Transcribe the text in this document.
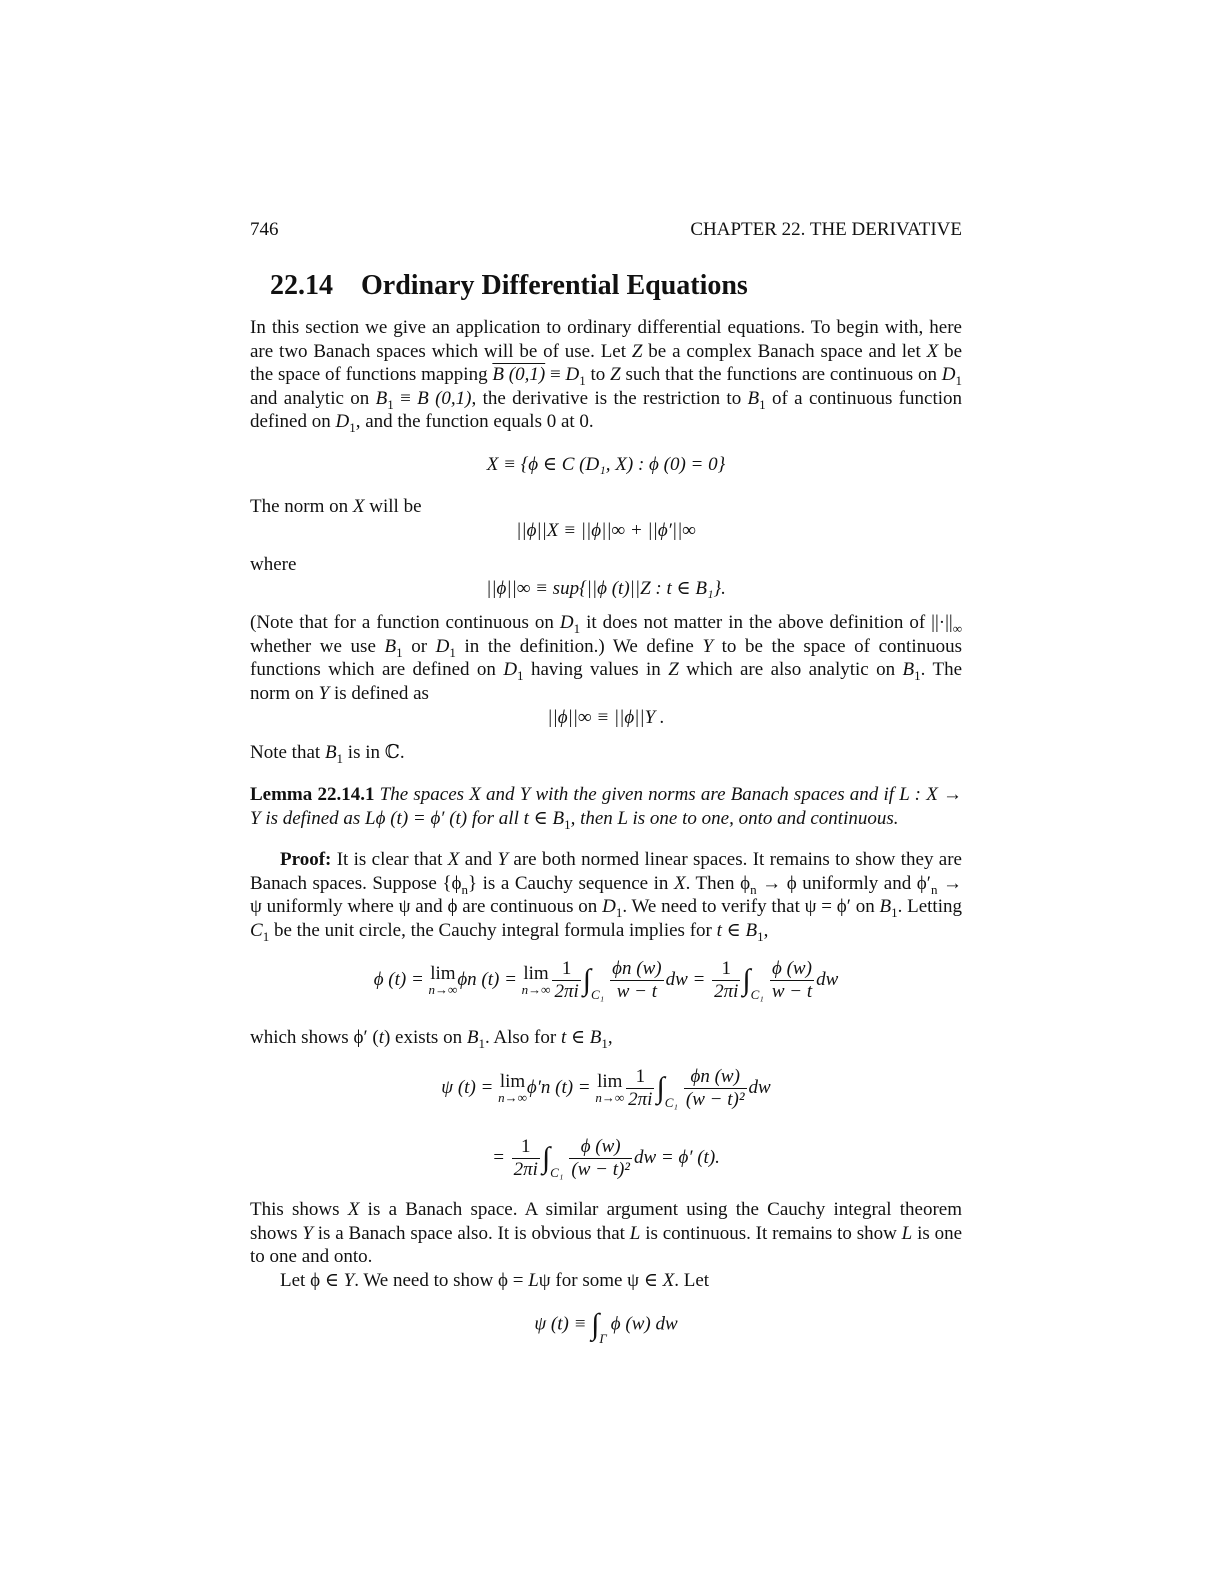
746	CHAPTER 22. THE DERIVATIVE
22.14 Ordinary Differential Equations
In this section we give an application to ordinary differential equations. To begin with, here are two Banach spaces which will be of use. Let Z be a complex Banach space and let X be the space of functions mapping B $(0,1) \equiv D_1$ to Z such that the functions are continuous on $D_1$ and analytic on $B_1 \equiv B$ (0,1), the derivative is the restriction to $B_1$ of a continuous function defined on $D_1$, and the function equals 0 at 0.
X ≡ {ϕ ∈ C (D₁, X) : ϕ (0) = 0}
The norm on X will be
||ϕ||X ≡ ||ϕ||∞ + ||ϕ′||∞
where
||ϕ||∞ ≡ sup{||ϕ (t)||Z : t ∈ B₁}.
(Note that for a function continuous on $D_1$ it does not matter in the above definition of $||\cdot||_\infty$ whether we use $B_1$ or $D_1$ in the definition.) We define Y to be the space of continuous functions which are defined on $D_1$ having values in Z which are also analytic on $B_1$. The norm on Y is defined as
||ϕ||∞ ≡ ||ϕ||Y .
Note that $B_1$ is in ℂ.
Lemma 22.14.1 The spaces X and Y with the given norms are Banach spaces and if L : X → Y is defined as Lϕ (t) = ϕ′ (t) for all t ∈ $B_1$, then L is one to one, onto and continuous.
Proof: It is clear that X and Y are both normed linear spaces. It remains to show they are Banach spaces. Suppose $\{\phi_n\}$ is a Cauchy sequence in X. Then $\phi_n \to \phi$ uniformly and $\phi'_n \to \psi$ uniformly where ψ and ϕ are continuous on $D_1$. We need to verify that ψ = ϕ′ on $B_1$. Letting $C_1$ be the unit circle, the Cauchy integral formula implies for t ∈ $B_1$,
ϕ (t) = lim
n→∞ ϕn (t) = lim
$n\to\infty \frac{1}{2\pi i} \int_{C_1} \frac{\phi n (w)}{w - t}$ dw = $\frac{1}{2\pi i} \int_{C_1} \frac{\phi (w)}{w - t}$ dw
which shows ϕ′ (t) exists on $B_1$. Also for t ∈ $B_1$,
ψ (t) = lim
n→∞ ϕ′n (t) = lim
$n\to\infty \frac{1}{2\pi i} \int_{C_1} \frac{\phi n (w)}{\text{(w − t)²}}$ dw
= $\frac{1}{2\pi i} \int_{C_1} \frac{\phi (w)}{\text{(w − t)²}}$ dw = ϕ′ (t).
This shows X is a Banach space. A similar argument using the Cauchy integral theorem shows Y is a Banach space also. It is obvious that L is continuous. It remains to show L is one to one and onto.
Let ϕ ∈ Y. We need to show ϕ = Lψ for some ψ ∈ X. Let
ψ $(t) \equiv \int_\Gamma\phi$ (w) dw
